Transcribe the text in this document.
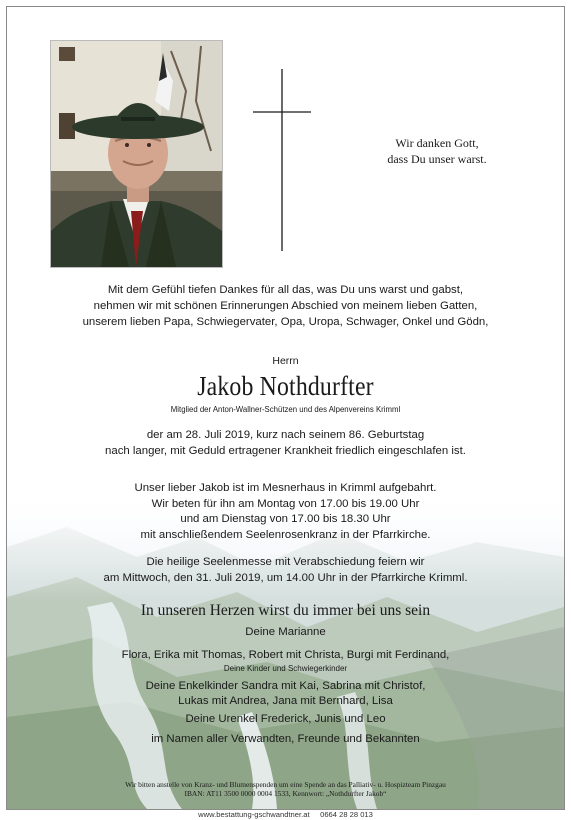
Wir danken Gott,
dass Du unser warst.
Mit dem Gefühl tiefen Dankes für all das, was Du uns warst und gabst,
nehmen wir mit schönen Erinnerungen Abschied von meinem lieben Gatten,
unserem lieben Papa, Schwiegervater, Opa, Uropa, Schwager, Onkel und Gödn,
Herrn
Jakob Nothdurfter
Mitglied der Anton-Wallner-Schützen und des Alpenvereins Krimml
der am 28. Juli 2019, kurz nach seinem 86. Geburtstag
nach langer, mit Geduld ertragener Krankheit friedlich eingeschlafen ist.
Unser lieber Jakob ist im Mesnerhaus in Krimml aufgebahrt.
Wir beten für ihn am Montag von 17.00 bis 19.00 Uhr
und am Dienstag von 17.00 bis 18.30 Uhr
mit anschließendem Seelenrosenkranz in der Pfarrkirche.
Die heilige Seelenmesse mit Verabschiedung feiern wir
am Mittwoch, den 31. Juli 2019, um 14.00 Uhr in der Pfarrkirche Krimml.
In unseren Herzen wirst du immer bei uns sein
Deine Marianne
Flora, Erika mit Thomas, Robert mit Christa, Burgi mit Ferdinand,
Deine Kinder und Schwiegerkinder
Deine Enkelkinder Sandra mit Kai, Sabrina mit Christof,
Lukas mit Andrea, Jana mit Bernhard, Lisa
Deine Urenkel Frederick, Junis und Leo
im Namen aller Verwandten, Freunde und Bekannten
Wir bitten anstelle von Kranz- und Blumenspenden um eine Spende an das Palliativ- u. Hospizteam Pinzgau
IBAN: AT11 3500 0000 0004 1533, Kennwort: „Nothdurfter Jakob“
www.bestattung-gschwandtner.at     0664 28 28 013
